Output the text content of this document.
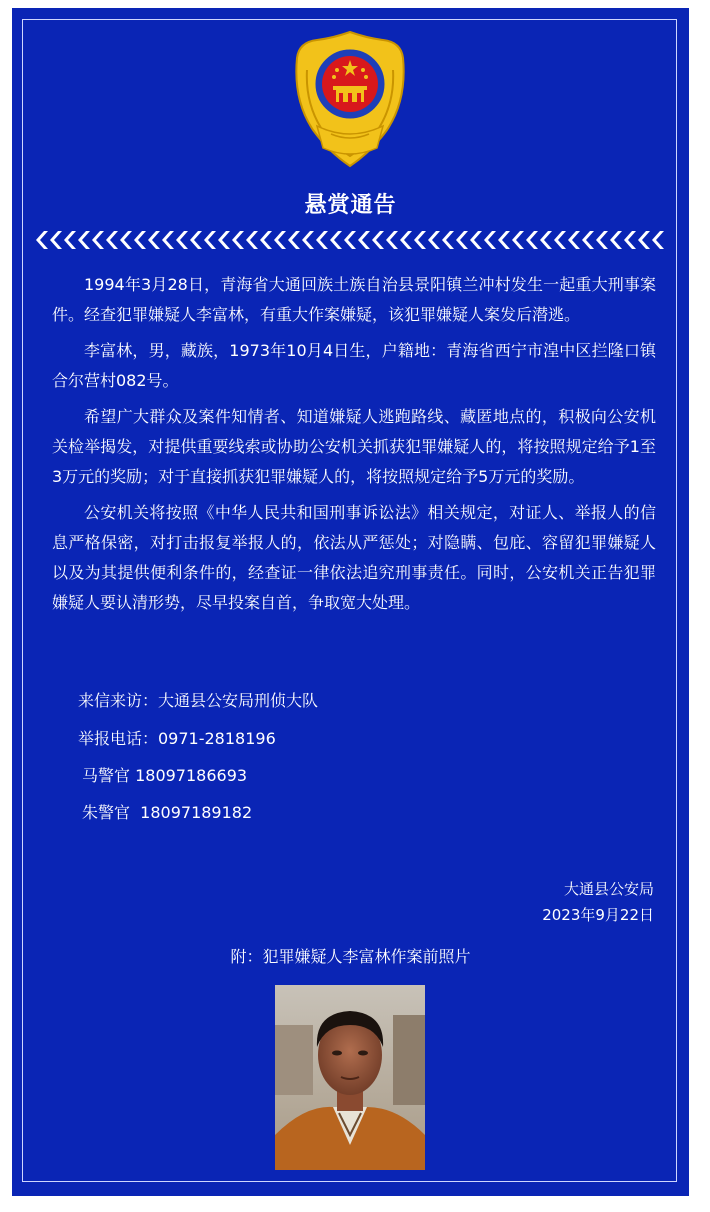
悬赏通告

1994年3月28日，青海省大通回族土族自治县景阳镇兰冲村发生一起重大刑事案件。经查犯罪嫌疑人李富林，有重大作案嫌疑，该犯罪嫌疑人案发后潜逃。

李富林，男，藏族，1973年10月4日生，户籍地：青海省西宁市湟中区拦隆口镇合尔营村082号。

希望广大群众及案件知情者、知道嫌疑人逃跑路线、藏匿地点的，积极向公安机关检举揭发，对提供重要线索或协助公安机关抓获犯罪嫌疑人的，将按照规定给予1至3万元的奖励；对于直接抓获犯罪嫌疑人的，将按照规定给予5万元的奖励。

公安机关将按照《中华人民共和国刑事诉讼法》相关规定，对证人、举报人的信息严格保密，对打击报复举报人的，依法从严惩处；对隐瞒、包庇、容留犯罪嫌疑人以及为其提供便利条件的，经查证一律依法追究刑事责任。同时，公安机关正告犯罪嫌疑人要认清形势，尽早投案自首，争取宽大处理。

来信来访：大通县公安局刑侦大队
举报电话：0971-2818196
马警官 18097186693
朱警官  18097189182
大通县公安局
2023年9月22日
附：犯罪嫌疑人李富林作案前照片
